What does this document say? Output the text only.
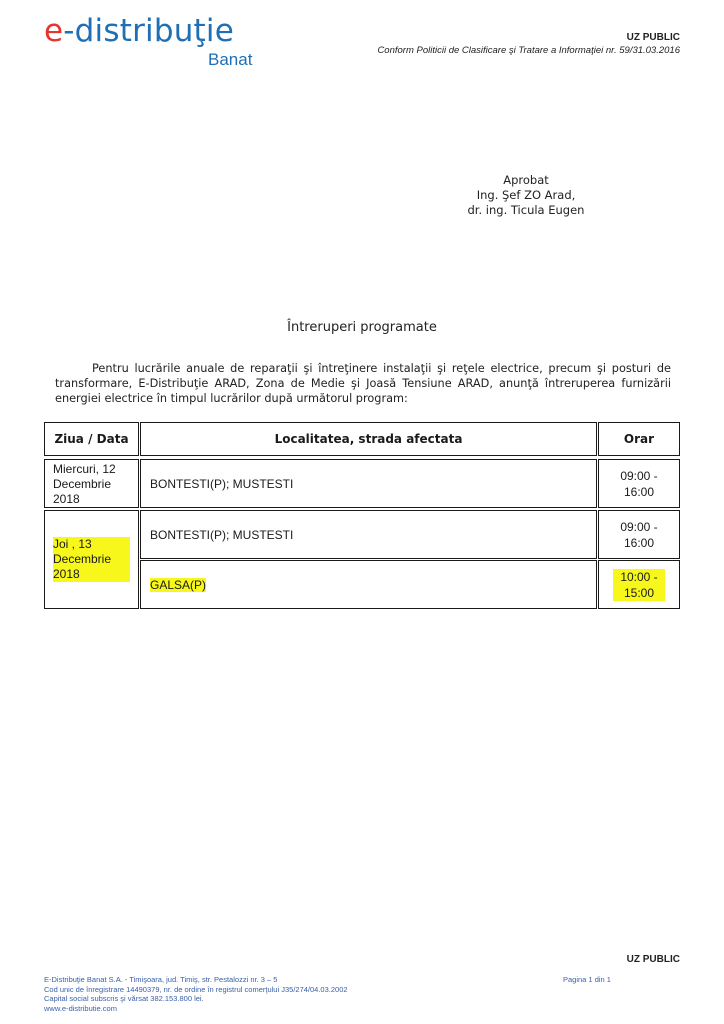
e-distribuţie
Banat
UZ PUBLIC
Conform Politicii de Clasificare şi Tratare a Informaţiei nr. 59/31.03.2016
Aprobat
Ing. Şef ZO Arad,
dr. ing. Ticula Eugen
Întreruperi programate
Pentru lucrările anuale de reparaţii şi întreţinere instalaţii şi reţele electrice, precum şi posturi de transformare, E-Distribuţie ARAD, Zona de Medie şi Joasă Tensiune ARAD, anunţă întreruperea furnizării energiei electrice în timpul lucrărilor după următorul program:
Ziua / Data	Localitatea, strada afectata	Orar
Miercuri, 12 Decembrie 2018
BONTESTI(P); MUSTESTI
09:00 - 16:00
Joi , 13 Decembrie 2018
BONTESTI(P); MUSTESTI
09:00 - 16:00
GALSA(P)
10:00 - 15:00
UZ PUBLIC
E-Distribuţie Banat S.A. - Timişoara, jud. Timiş, str. Pestalozzi nr. 3 – 5
Cod unic de înregistrare 14490379, nr. de ordine în registrul comerţului J35/274/04.03.2002
Capital social subscris şi vărsat 382.153.800 lei.
www.e-distributie.com
Pagina 1 din 1
